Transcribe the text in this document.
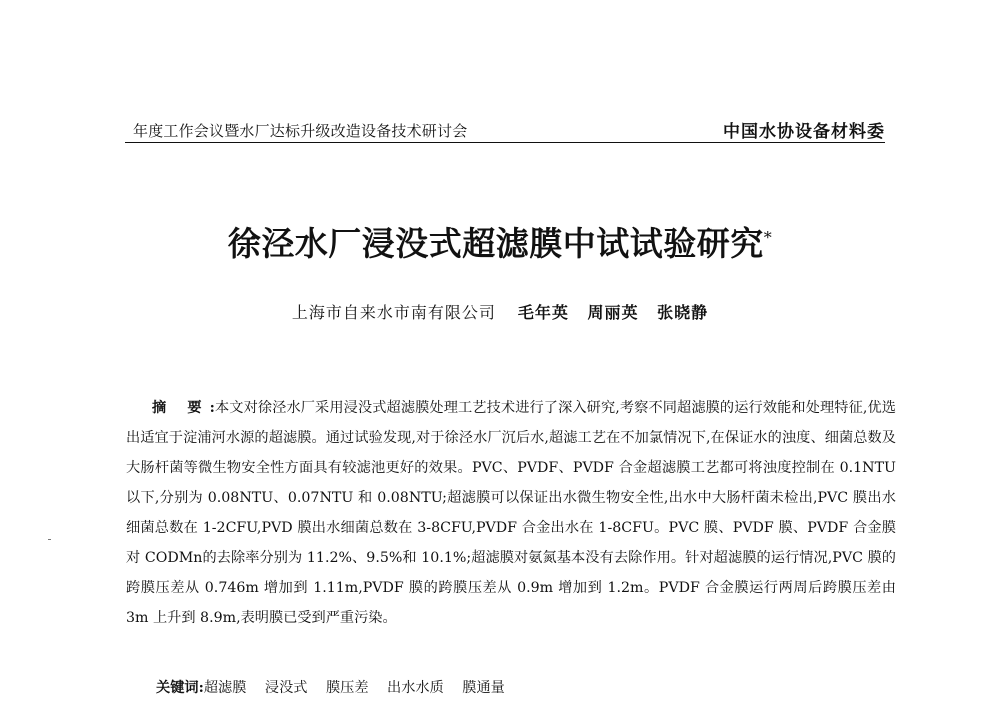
年度工作会议暨水厂达标升级改造设备技术研讨会	中国水协设备材料委
徐泾水厂浸没式超滤膜中试试验研究*
上海市自来水市南有限公司 毛年英 周丽英 张晓静

摘 要:本文对徐泾水厂采用浸没式超滤膜处理工艺技术进行了深入研究,考察不同超滤膜的运行效能和处理特征,优选出适宜于淀浦河水源的超滤膜。通过试验发现,对于徐泾水厂沉后水,超滤工艺在不加氯情况下,在保证水的浊度、细菌总数及大肠杆菌等微生物安全性方面具有较滤池更好的效果。PVC、PVDF、PVDF 合金超滤膜工艺都可将浊度控制在 0.1NTU 以下,分别为 0.08NTU、0.07NTU 和 0.08NTU;超滤膜可以保证出水微生物安全性,出水中大肠杆菌未检出,PVC 膜出水细菌总数在 1-2CFU,PVD 膜出水细菌总数在 3-8CFU,PVDF 合金出水在 1-8CFU。PVC 膜、PVDF 膜、PVDF 合金膜对 CODMn的去除率分别为 11.2%、9.5%和 10.1%;超滤膜对氨氮基本没有去除作用。针对超滤膜的运行情况,PVC 膜的跨膜压差从 0.746m 增加到 1.11m,PVDF 膜的跨膜压差从 0.9m 增加到 1.2m。PVDF 合金膜运行两周后跨膜压差由 3m 上升到 8.9m,表明膜已受到严重污染。

关键词:超滤膜 浸没式 膜压差 出水水质 膜通量
